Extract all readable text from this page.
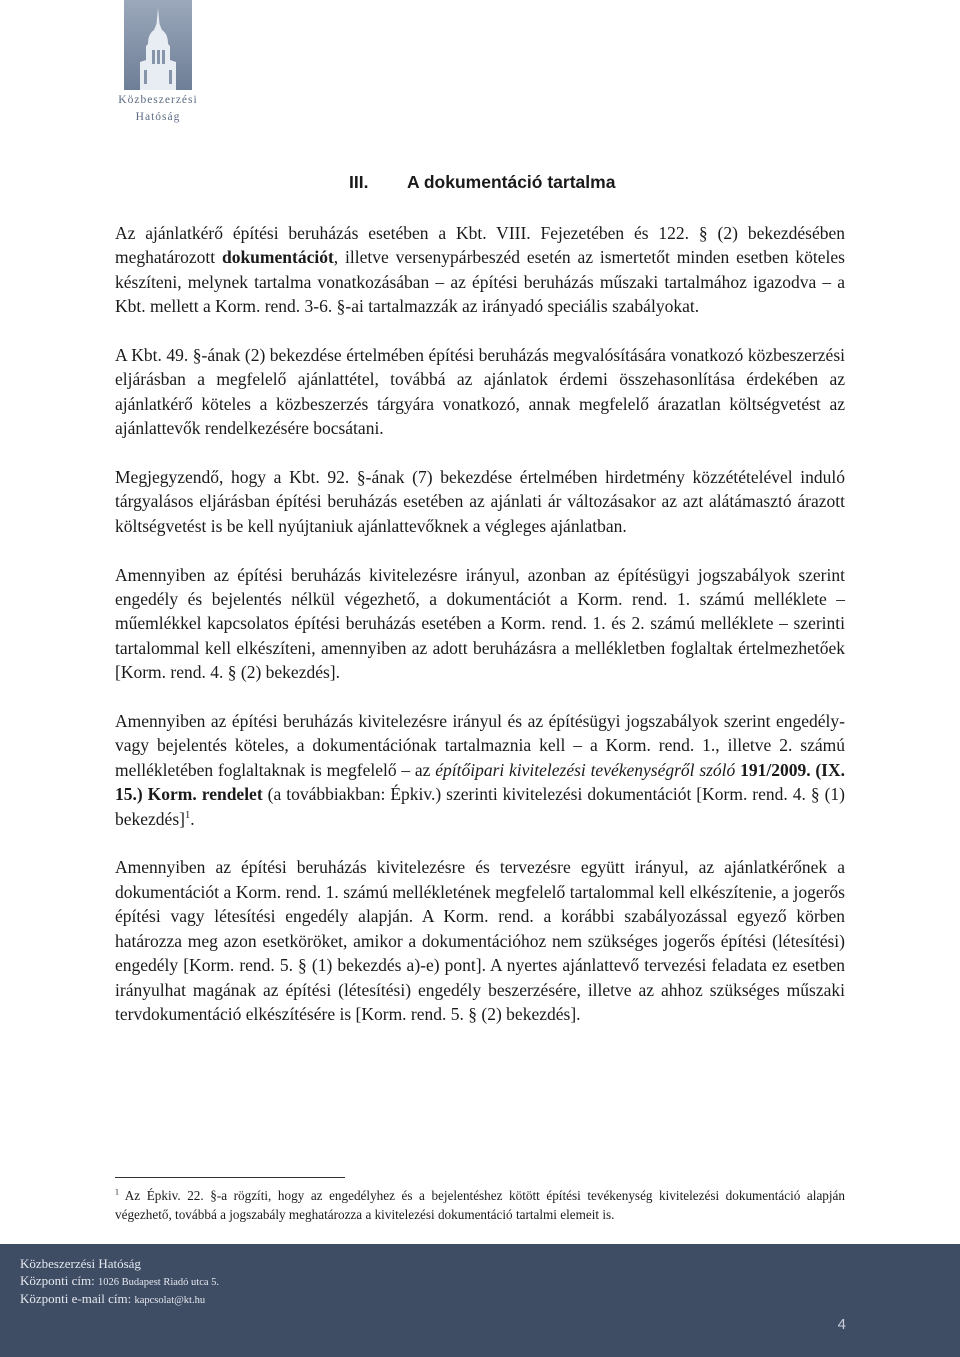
Közbeszerzési
Hatóság
III. A dokumentáció tartalma

Az ajánlatkérő építési beruházás esetében a Kbt. VIII. Fejezetében és 122. § (2) bekezdésében meghatározott dokumentációt, illetve versenypárbeszéd esetén az ismertetőt minden esetben köteles készíteni, melynek tartalma vonatkozásában – az építési beruházás műszaki tartalmához igazodva – a Kbt. mellett a Korm. rend. 3-6. §-ai tartalmazzák az irányadó speciális szabályokat.

A Kbt. 49. §-ának (2) bekezdése értelmében építési beruházás megvalósítására vonatkozó közbeszerzési eljárásban a megfelelő ajánlattétel, továbbá az ajánlatok érdemi összehasonlítása érdekében az ajánlatkérő köteles a közbeszerzés tárgyára vonatkozó, annak megfelelő árazatlan költségvetést az ajánlattevők rendelkezésére bocsátani.

Megjegyzendő, hogy a Kbt. 92. §-ának (7) bekezdése értelmében hirdetmény közzétételével induló tárgyalásos eljárásban építési beruházás esetében az ajánlati ár változásakor az azt alátámasztó árazott költségvetést is be kell nyújtaniuk ajánlattevőknek a végleges ajánlatban.

Amennyiben az építési beruházás kivitelezésre irányul, azonban az építésügyi jogszabályok szerint engedély és bejelentés nélkül végezhető, a dokumentációt a Korm. rend. 1. számú melléklete – műemlékkel kapcsolatos építési beruházás esetében a Korm. rend. 1. és 2. számú melléklete – szerinti tartalommal kell elkészíteni, amennyiben az adott beruházásra a mellékletben foglaltak értelmezhetőek [Korm. rend. 4. § (2) bekezdés].

Amennyiben az építési beruházás kivitelezésre irányul és az építésügyi jogszabályok szerint engedély- vagy bejelentés köteles, a dokumentációnak tartalmaznia kell – a Korm. rend. 1., illetve 2. számú mellékletében foglaltaknak is megfelelő – az építőipari kivitelezési tevékenységről szóló 191/2009. (IX. 15.) Korm. rendelet (a továbbiakban: Épkiv.) szerinti kivitelezési dokumentációt [Korm. rend. 4. § (1) bekezdés]$^1$.

Amennyiben az építési beruházás kivitelezésre és tervezésre együtt irányul, az ajánlatkérőnek a dokumentációt a Korm. rend. 1. számú mellékletének megfelelő tartalommal kell elkészítenie, a jogerős építési vagy létesítési engedély alapján. A Korm. rend. a korábbi szabályozással egyező körben határozza meg azon esetköröket, amikor a dokumentációhoz nem szükséges jogerős építési (létesítési) engedély [Korm. rend. 5. § (1) bekezdés a)-e) pont]. A nyertes ajánlattevő tervezési feladata ez esetben irányulhat magának az építési (létesítési) engedély beszerzésére, illetve az ahhoz szükséges műszaki tervdokumentáció elkészítésére is [Korm. rend. 5. § (2) bekezdés].

$^1$ Az Épkiv. 22. §-a rögzíti, hogy az engedélyhez és a bejelentéshez kötött építési tevékenység kivitelezési dokumentáció alapján végezhető, továbbá a jogszabály meghatározza a kivitelezési dokumentáció tartalmi elemeit is.
Közbeszerzési Hatóság
Központi cím: 1026 Budapest Riadó utca 5.
Központi e-mail cím: kapcsolat@kt.hu
4
